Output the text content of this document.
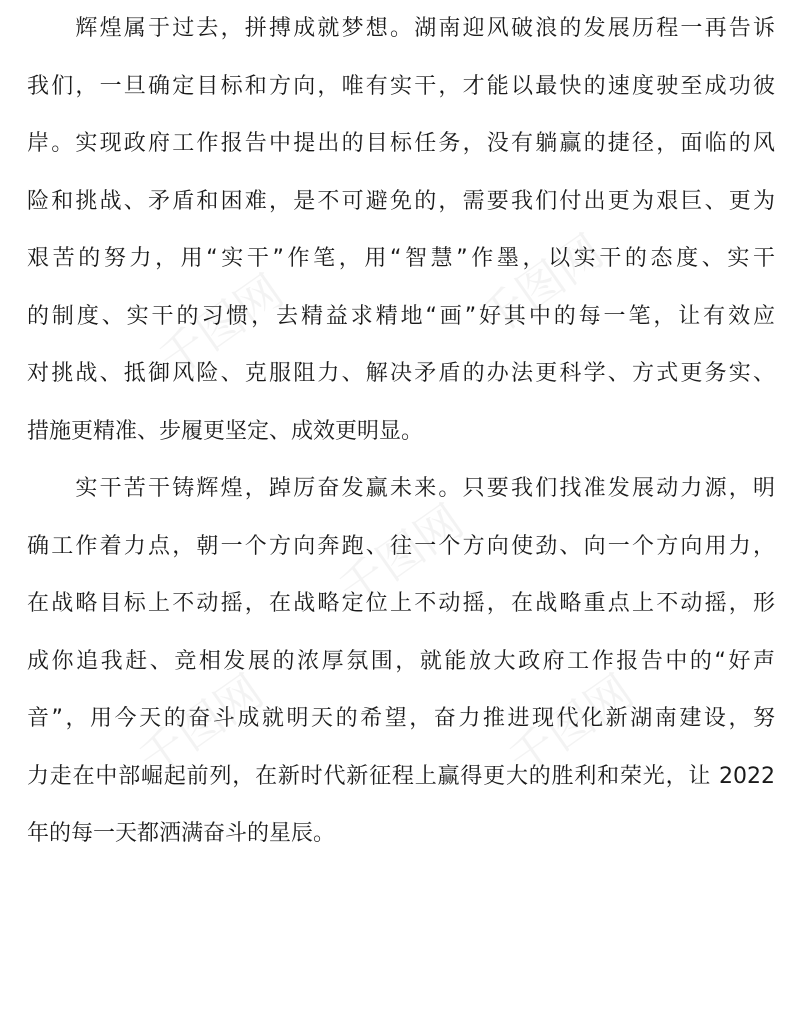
千图网	千图网
千图网
千图网	千图网
　　辉煌属于过去，拼搏成就梦想。湖南迎风破浪的发展历程一再告诉
我们，一旦确定目标和方向，唯有实干，才能以最快的速度驶至成功彼
岸。实现政府工作报告中提出的目标任务，没有躺赢的捷径，面临的风
险和挑战、矛盾和困难，是不可避免的，需要我们付出更为艰巨、更为
艰苦的努力，用“实干”作笔，用“智慧”作墨，以实干的态度、实干
的制度、实干的习惯，去精益求精地“画”好其中的每一笔，让有效应
对挑战、抵御风险、克服阻力、解决矛盾的办法更科学、方式更务实、
措施更精准、步履更坚定、成效更明显。
　　实干苦干铸辉煌，踔厉奋发赢未来。只要我们找准发展动力源，明
确工作着力点，朝一个方向奔跑、往一个方向使劲、向一个方向用力，
在战略目标上不动摇，在战略定位上不动摇，在战略重点上不动摇，形
成你追我赶、竞相发展的浓厚氛围，就能放大政府工作报告中的“好声
音”，用今天的奋斗成就明天的希望，奋力推进现代化新湖南建设，努
力走在中部崛起前列，在新时代新征程上赢得更大的胜利和荣光，让 2022
年的每一天都洒满奋斗的星辰。
